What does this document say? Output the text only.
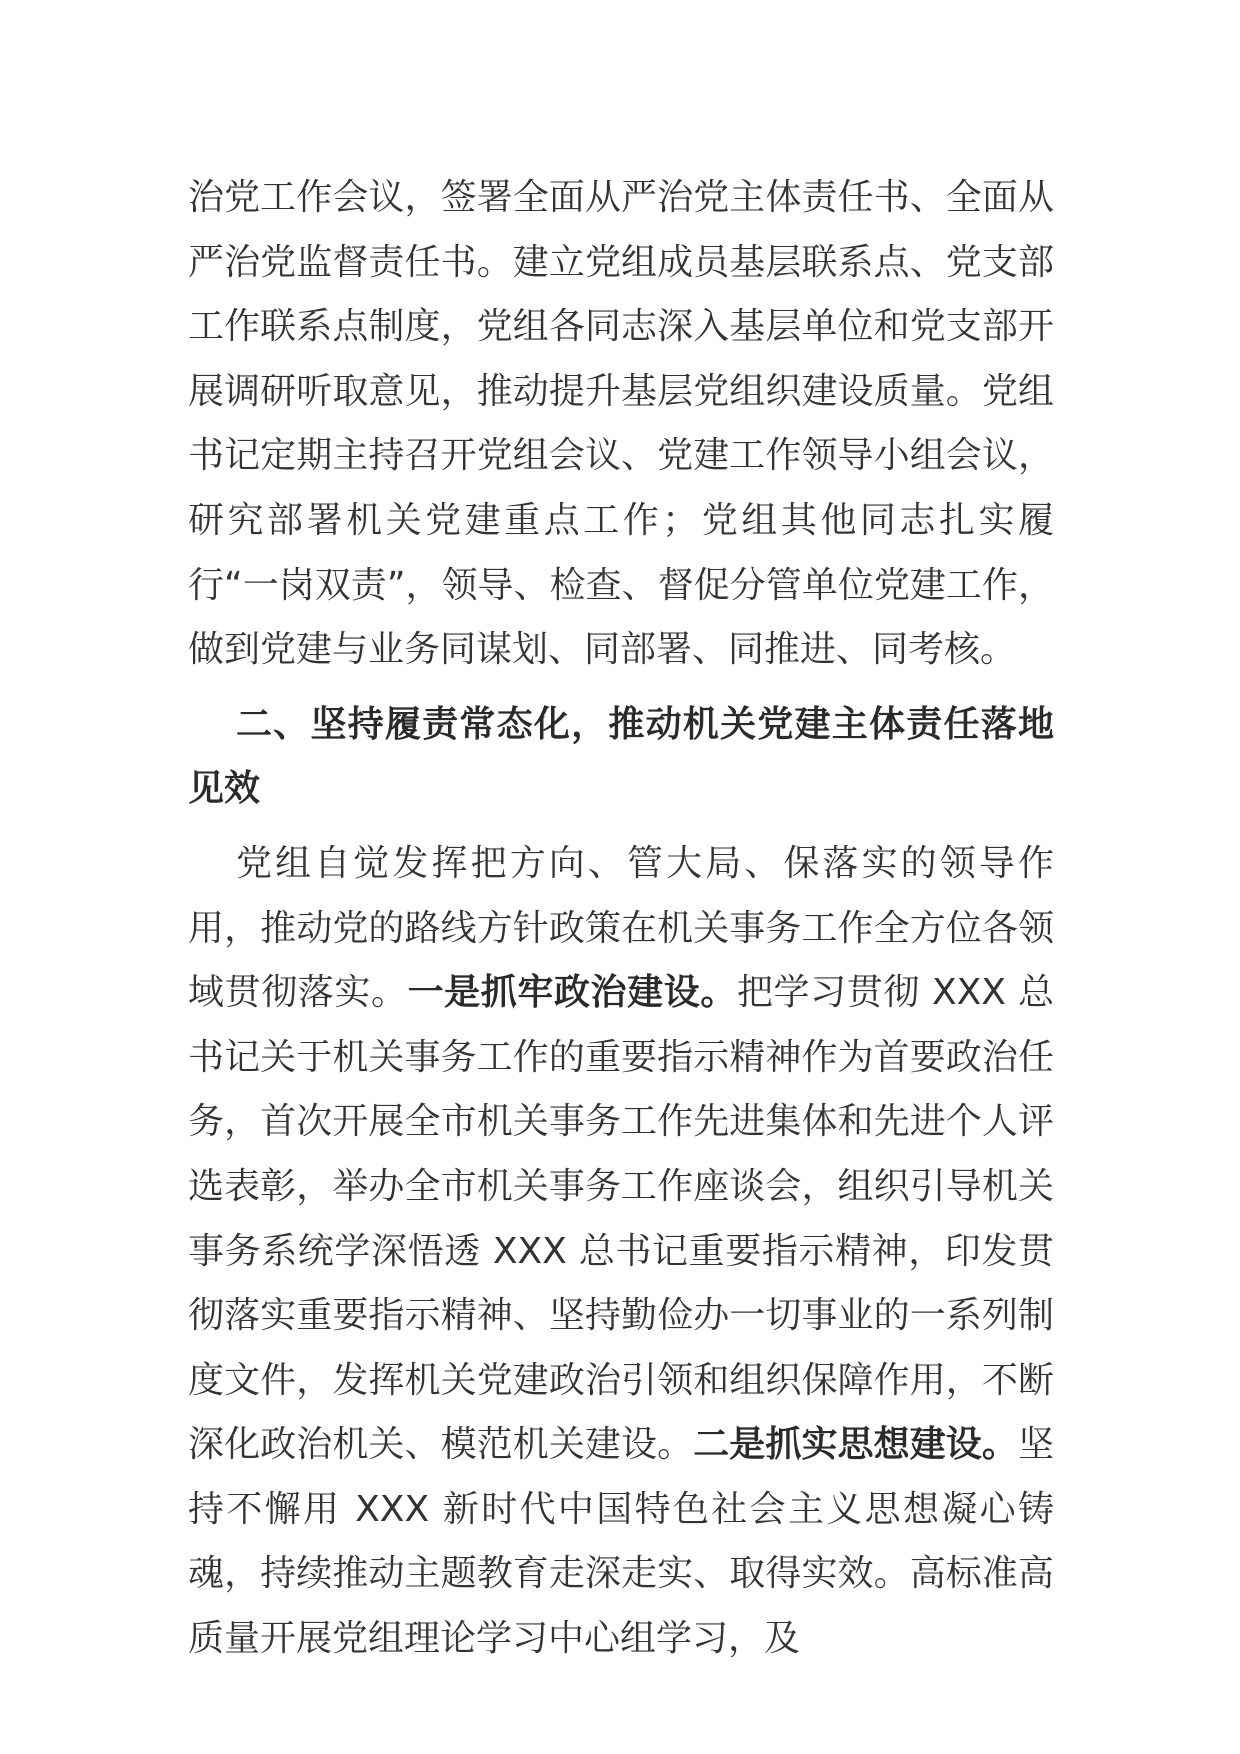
治党工作会议，签署全面从严治党主体责任书、全面从严治党监督责任书。建立党组成员基层联系点、党支部工作联系点制度，党组各同志深入基层单位和党支部开展调研听取意见，推动提升基层党组织建设质量。党组书记定期主持召开党组会议、党建工作领导小组会议，研究部署机关党建重点工作；党组其他同志扎实履行“一岗双责”，领导、检查、督促分管单位党建工作，做到党建与业务同谋划、同部署、同推进、同考核。

二、坚持履责常态化，推动机关党建主体责任落地见效

党组自觉发挥把方向、管大局、保落实的领导作用，推动党的路线方针政策在机关事务工作全方位各领域贯彻落实。一是抓牢政治建设。把学习贯彻 XXX 总书记关于机关事务工作的重要指示精神作为首要政治任务，首次开展全市机关事务工作先进集体和先进个人评选表彰，举办全市机关事务工作座谈会，组织引导机关事务系统学深悟透 XXX 总书记重要指示精神，印发贯彻落实重要指示精神、坚持勤俭办一切事业的一系列制度文件，发挥机关党建政治引领和组织保障作用，不断深化政治机关、模范机关建设。二是抓实思想建设。坚持不懈用 XXX 新时代中国特色社会主义思想凝心铸魂，持续推动主题教育走深走实、取得实效。高标准高质量开展党组理论学习中心组学习，及
